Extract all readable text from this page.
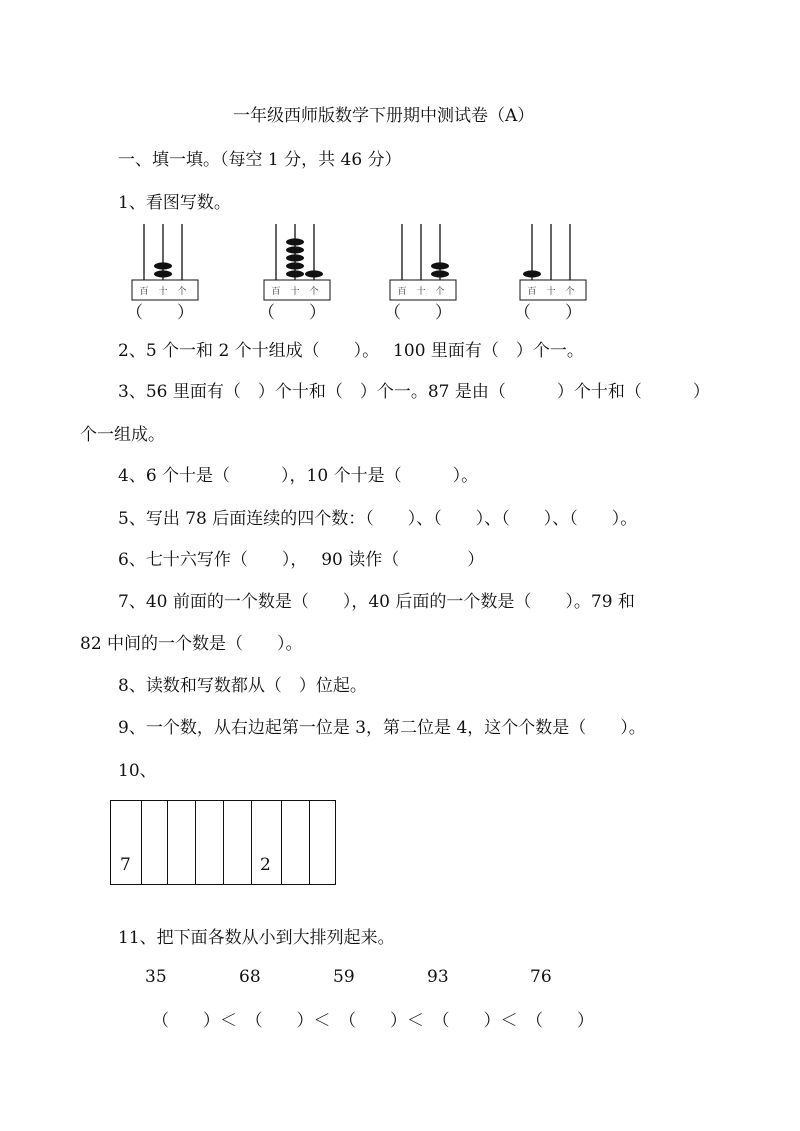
一年级西师版数学下册期中测试卷（A）
一、填一填。（每空 1 分，共 46 分）
1、看图写数。
百 十 个
（　　）
百 十 个
（　　）
百 十 个
（　　）
百 十 个
（　　）
2、5 个一和 2 个十组成（　　）。　 100 里面有（　）个一。
3、56 里面有（　）个十和（　）个一。87 是由（　　　）个十和（　　　）
个一组成。
4、6 个十是（　　　），10 个十是（　　　）。
5、写出 78 后面连续的四个数：（　　）、（　　）、（　　）、（　　）。
6、七十六写作（　　），　 90 读作（　　　　）
7、40 前面的一个数是（　　），40 后面的一个数是（　　）。79 和
82 中间的一个数是（　　）。
8、读数和写数都从（　）位起。
9、一个数，从右边起第一位是 3，第二位是 4，这个个数是（　　）。
10、
7	2
11、把下面各数从小到大排列起来。
35	68	59	93	76
（　　）＜　（　　）＜　（　　）＜　（　　）＜　（　　）
